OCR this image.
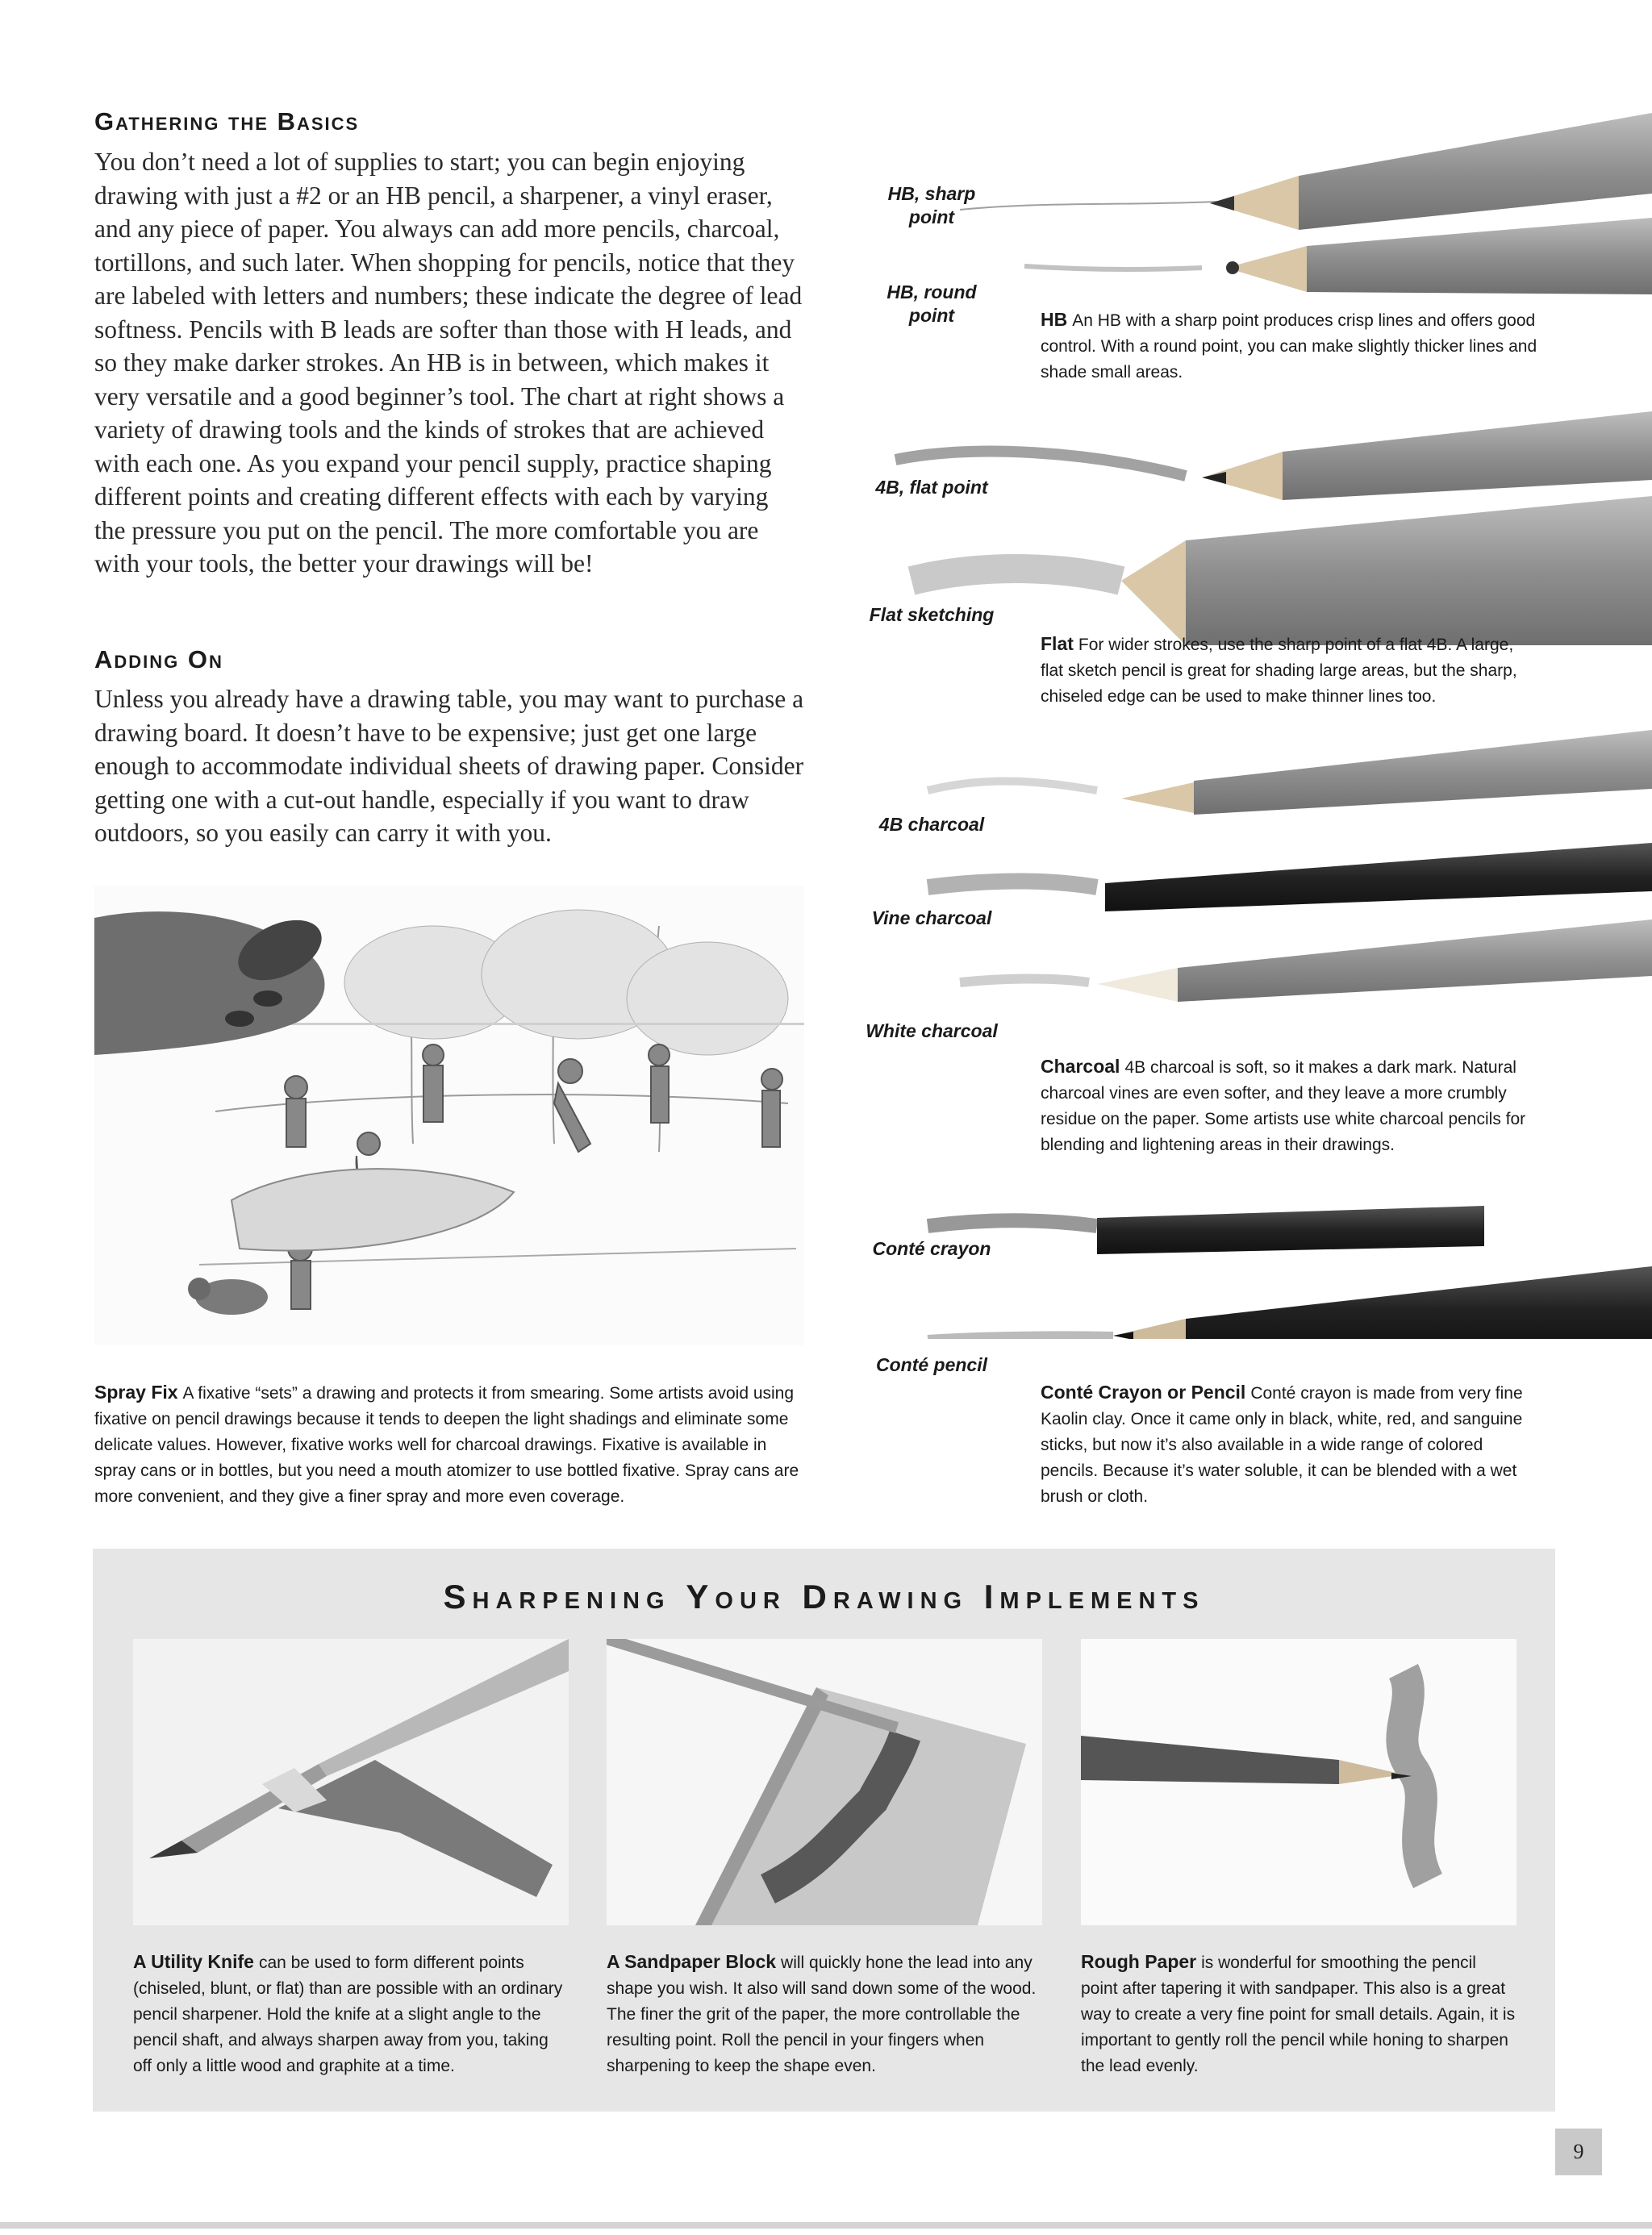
Gathering the Basics

You don’t need a lot of supplies to start; you can begin enjoying drawing with just a #2 or an HB pencil, a sharpener, a vinyl eraser, and any piece of paper. You always can add more pencils, charcoal, tortillons, and such later. When shopping for pencils, notice that they are labeled with letters and numbers; these indicate the degree of lead softness. Pencils with B leads are softer than those with H leads, and so they make darker strokes. An HB is in between, which makes it very versatile and a good beginner’s tool. The chart at right shows a variety of drawing tools and the kinds of strokes that are achieved with each one. As you expand your pencil supply, practice shaping different points and creating different effects with each by varying the pressure you put on the pencil. The more comfortable you are with your tools, the better your drawings will be!

Adding On

Unless you already have a drawing table, you may want to purchase a drawing board. It doesn’t have to be expensive; just get one large enough to accommodate individual sheets of drawing paper. Consider getting one with a cut-out handle, especially if you want to draw outdoors, so you easily can carry it with you.

Spray Fix A fixative “sets” a drawing and protects it from smearing. Some artists avoid using fixative on pencil drawings because it tends to deepen the light shadings and eliminate some delicate values. However, fixative works well for charcoal drawings. Fixative is available in spray cans or in bottles, but you need a mouth atomizer to use bottled fixative. Spray cans are more convenient, and they give a finer spray and more even coverage.

HB, sharp point
HB, round point
4B, flat point
Flat sketching
4B charcoal
Vine charcoal
White charcoal
Conté crayon
Conté pencil

HB An HB with a sharp point produces crisp lines and offers good control. With a round point, you can make slightly thicker lines and shade small areas.

Flat For wider strokes, use the sharp point of a flat 4B. A large, flat sketch pencil is great for shading large areas, but the sharp, chiseled edge can be used to make thinner lines too.

Charcoal 4B charcoal is soft, so it makes a dark mark. Natural charcoal vines are even softer, and they leave a more crumbly residue on the paper. Some artists use white charcoal pencils for blending and lightening areas in their drawings.

Conté Crayon or Pencil Conté crayon is made from very fine Kaolin clay. Once it came only in black, white, red, and sanguine sticks, but now it’s also available in a wide range of colored pencils. Because it’s water soluble, it can be blended with a wet brush or cloth.

Sharpening Your Drawing Implements

A Utility Knife can be used to form different points (chiseled, blunt, or flat) than are possible with an ordinary pencil sharpener. Hold the knife at a slight angle to the pencil shaft, and always sharpen away from you, taking off only a little wood and graphite at a time.

A Sandpaper Block will quickly hone the lead into any shape you wish. It also will sand down some of the wood. The finer the grit of the paper, the more controllable the resulting point. Roll the pencil in your fingers when sharpening to keep the shape even.

Rough Paper is wonderful for smoothing the pencil point after tapering it with sandpaper. This also is a great way to create a very fine point for small details. Again, it is important to gently roll the pencil while honing to sharpen the lead evenly.

9
